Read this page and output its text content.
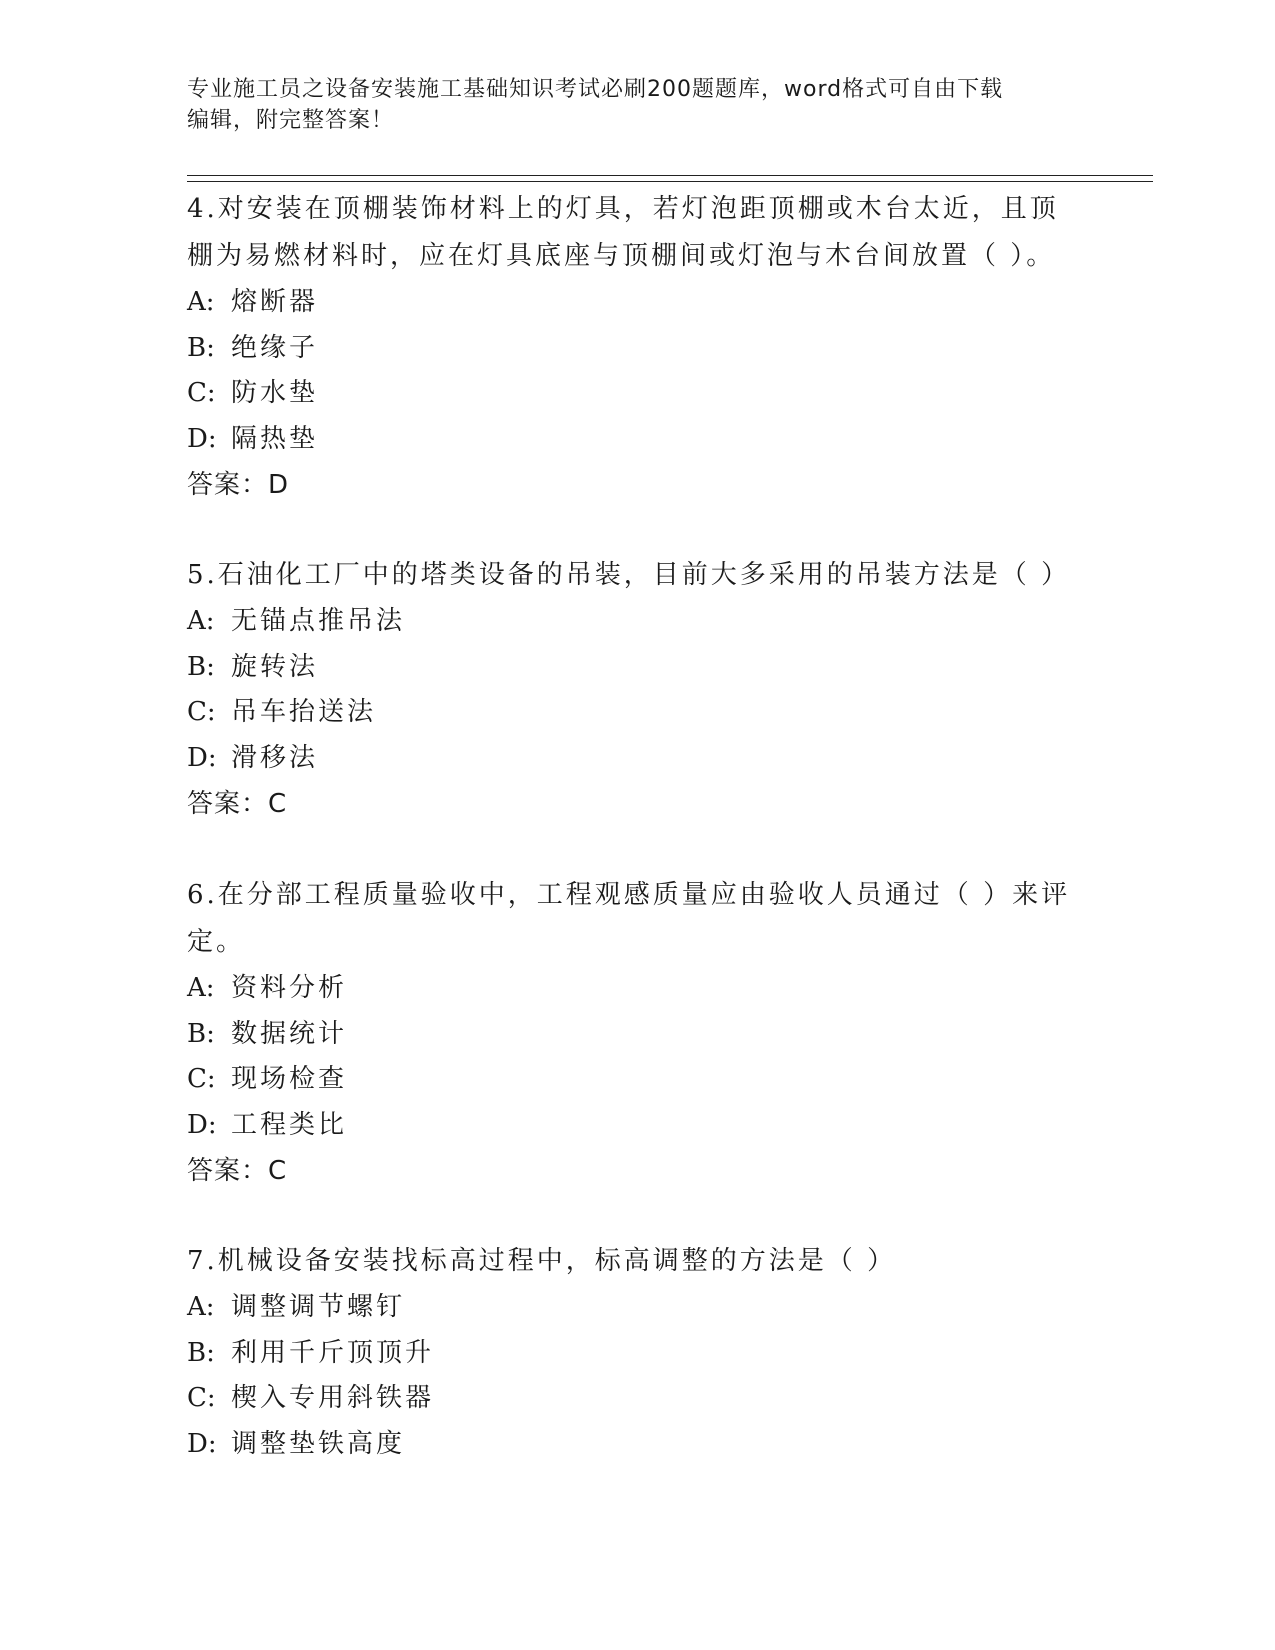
专业施工员之设备安装施工基础知识考试必刷200题题库，word格式可自由下载
编辑，附完整答案！

4.对安装在顶棚装饰材料上的灯具，若灯泡距顶棚或木台太近，且顶棚为易燃材料时，应在灯具底座与顶棚间或灯泡与木台间放置（ ）。

A: 熔断器

B: 绝缘子

C: 防水垫

D: 隔热垫

答案：D

5.石油化工厂中的塔类设备的吊装，目前大多采用的吊装方法是（ ）

A: 无锚点推吊法

B: 旋转法

C: 吊车抬送法

D: 滑移法

答案：C

6.在分部工程质量验收中，工程观感质量应由验收人员通过（ ）来评定。

A: 资料分析

B: 数据统计

C: 现场检查

D: 工程类比

答案：C

7.机械设备安装找标高过程中，标高调整的方法是（ ）

A: 调整调节螺钉

B: 利用千斤顶顶升

C: 楔入专用斜铁器

D: 调整垫铁高度
